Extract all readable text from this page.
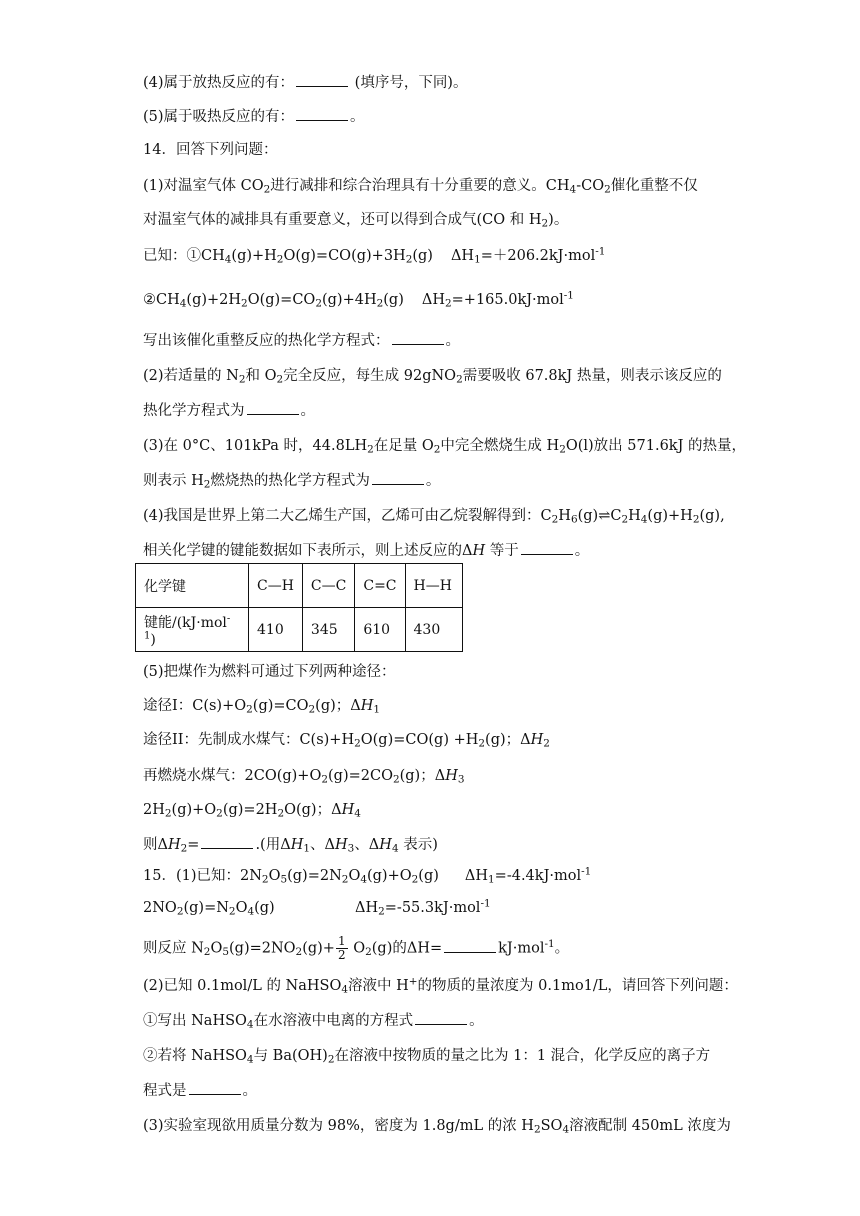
(4)属于放热反应的有：	(填序号，下同)。
(5)属于吸热反应的有：	。
14．回答下列问题：
(1)对温室气体 $CO_2$进行减排和综合治理具有十分重要的意义。$CH_4-CO_2$催化重整不仅
对温室气体的减排具有重要意义，还可以得到合成气(CO 和 $H_2$)。
已知：$①CH_4(g)+H_2O(g)=CO(g)+3H_2(g)$ $\Delta H_1=+206.2kJ\cdot mol^{-1}$
$②CH_4(g)+2H_2O(g)=CO_2(g)+4H_2(g)$ $\Delta H_2=+165.0kJ\cdot mol^{-1}$
写出该催化重整反应的热化学方程式：	。
(2)若适量的 $N_2$和 $O_2$完全反应，每生成 92gNO$_2$需要吸收 67.8kJ 热量，则表示该反应的
热化学方程式为	。
(3)在 0°C、101kPa 时，$44.8LH_2$在足量 $O_2$中完全燃烧生成 $H_2O(l)$放出 571.6kJ 的热量，
则表示 $H_2$燃烧热的热化学方程式为	。
(4)我国是世界上第二大乙烯生产国，乙烯可由乙烷裂解得到：$C_2H_6(g)\rightleftharpoons C_2H_4(g)+H_2(g)$,
相关化学键的键能数据如下表所示，则上述反应的ΔH 等于	。
化学键	C—H	C—C	C=C	H—H
键能/(kJ·mol$^{-1}$)	410	345	610	430
(5)把煤作为燃料可通过下列两种途径：
途径I：$C(s)+O_2(g)=CO_2(g)$；$\Delta H_1$
途径II：先制成水煤气：$C(s)+H_2O(g)=CO(g) +H_2(g)$；$\Delta H_2$
再燃烧水煤气：$2CO(g)+O_2(g)=2CO_2(g)$；$\Delta H_3$
$2H_2(g)+O_2(g)=2H_2O(g)$；$\Delta H_4$
则$\Delta H_2=$	.(用$\Delta H_1$、$\Delta H_3$、$\Delta H_4$ 表示)
15．(1)已知：$2N_2O_5(g)=2N_2O_4(g)+O_2(g)$ $\Delta H_1=-4.4kJ\cdot mol^{-1}$
$2NO_2(g)=N_2O_4(g)$	$\Delta H_2=-55.3kJ\cdot mol^{-1}$
则反应 $N_2O_5(g)=2NO_2(g)+ \frac{1}{2} O_2(g)$的ΔH=	kJ·mol$^{-1}$。
(2)已知 0.1mol/L 的 NaHSO$_4$溶液中 H+的物质的量浓度为 0.1mo1/L，请回答下列问题：
①写出 NaHSO$_4$在水溶液中电离的方程式	。
②若将 NaHSO$_4$与 $Ba(OH)_2$在溶液中按物质的量之比为 1：1 混合，化学反应的离子方
程式是	。
(3)实验室现欲用质量分数为 98%，密度为 1.8g/mL 的浓 $H_2SO_4$溶液配制 450mL 浓度为
